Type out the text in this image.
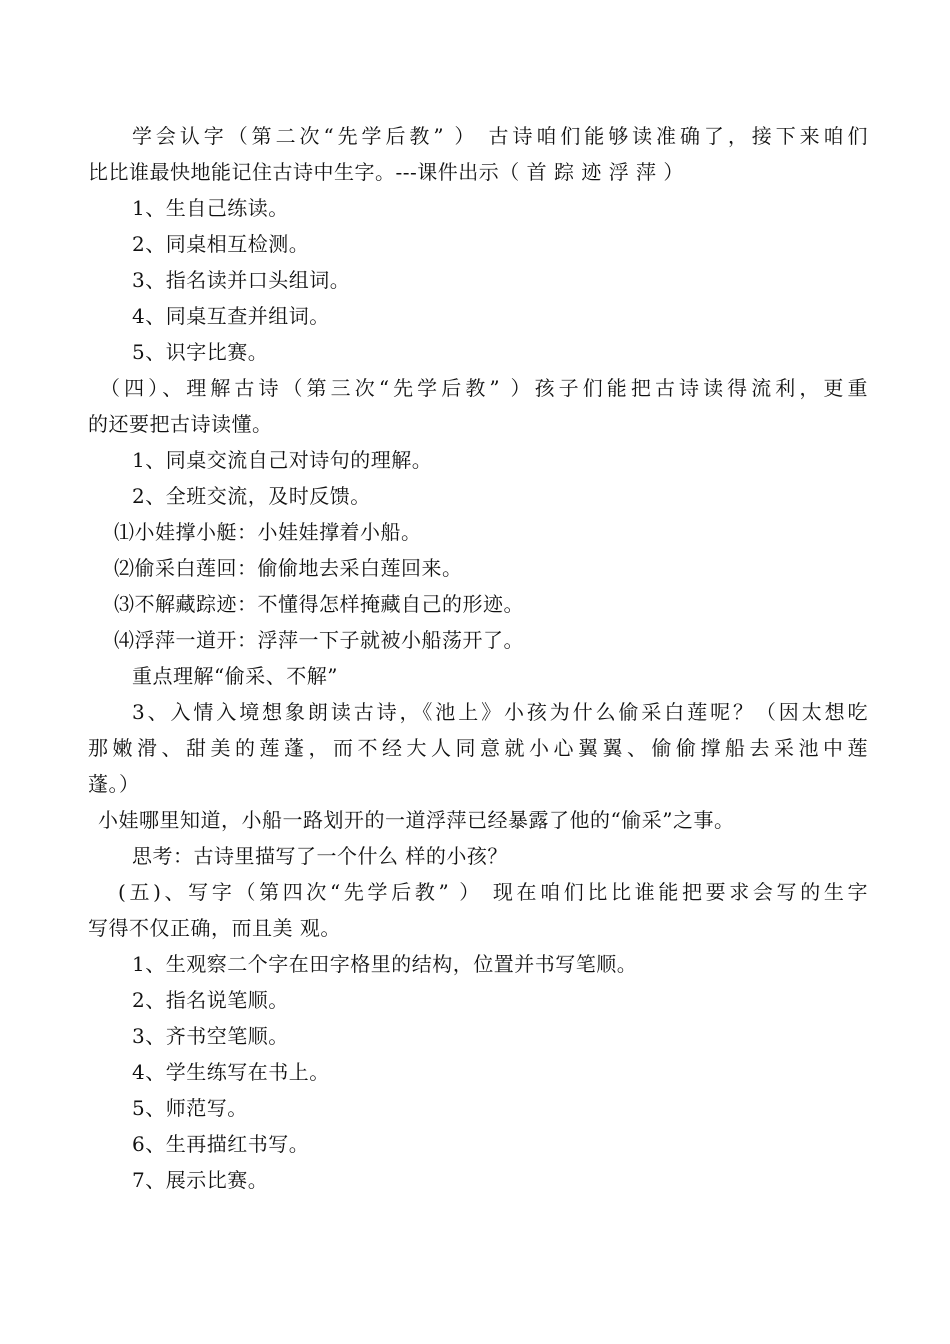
学会认字（第二次“先学后教” ） 古诗咱们能够读准确了，接下来咱们
比比谁最快地能记住古诗中生字。---课件出示（ 首 踪 迹 浮 萍 ）
1、生自己练读。
2、同桌相互检测。
3、指名读并口头组词。
4、同桌互查并组词。
5、识字比赛。
（四）、理解古诗（第三次“先学后教” ）孩子们能把古诗读得流利，更重
的还要把古诗读懂。
1、同桌交流自己对诗句的理解。
2、全班交流，及时反馈。
⑴小娃撑小艇：小娃娃撑着小船。
⑵偷采白莲回：偷偷地去采白莲回来。
⑶不解藏踪迹：不懂得怎样掩藏自己的形迹。
⑷浮萍一道开：浮萍一下子就被小船荡开了。
重点理解“偷采、不解”
3、入情入境想象朗读古诗，《池上》小孩为什么偷采白莲呢？（因太想吃
那嫩滑、甜美的莲蓬，而不经大人同意就小心翼翼、偷偷撑船去采池中莲
蓬。）
小娃哪里知道，小船一路划开的一道浮萍已经暴露了他的“偷采”之事。
思考：古诗里描写了一个什么 样的小孩？
(五)、写字（第四次“先学后教” ） 现在咱们比比谁能把要求会写的生字
写得不仅正确，而且美 观。
1、生观察二个字在田字格里的结构，位置并书写笔顺。
2、指名说笔顺。
3、齐书空笔顺。
4、学生练写在书上。
5、师范写。
6、生再描红书写。
7、展示比赛。
